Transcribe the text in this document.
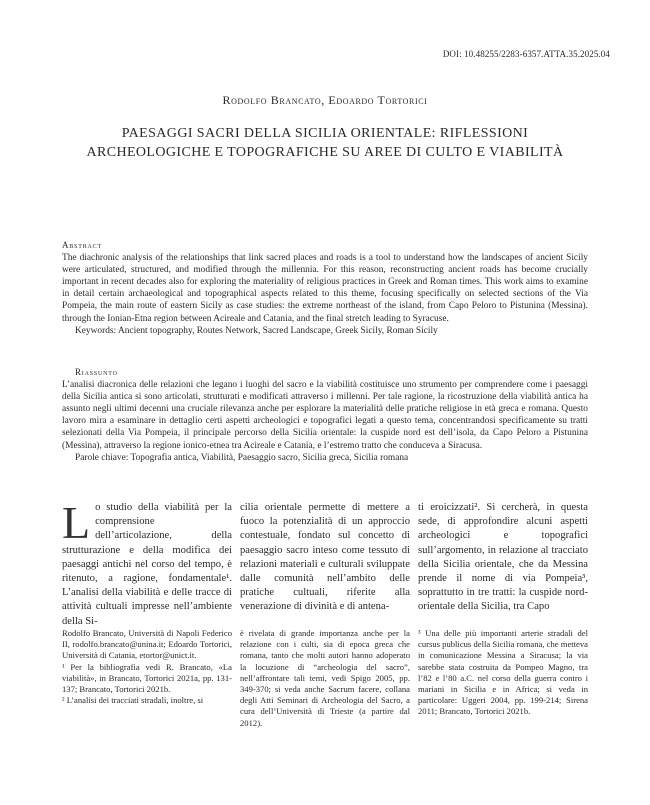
DOI: 10.48255/2283-6357.ATTA.35.2025.04
Rodolfo Brancato, Edoardo Tortorici
PAESAGGI SACRI DELLA SICILIA ORIENTALE: RIFLESSIONI
ARCHEOLOGICHE E TOPOGRAFICHE SU AREE DI CULTO E VIABILITÀ
Abstract

The diachronic analysis of the relationships that link sacred places and roads is a tool to understand how the landscapes of ancient Sicily were articulated, structured, and modified through the millennia. For this reason, reconstructing ancient roads has become crucially important in recent decades also for exploring the materiality of religious practices in Greek and Roman times. This work aims to examine in detail certain archaeological and topographical aspects related to this theme, focusing specifically on selected sections of the Via Pompeia, the main route of eastern Sicily as case studies: the extreme northeast of the island, from Capo Peloro to Pistunina (Messina). through the Ionian-Etna region between Acireale and Catania, and the final stretch leading to Syracuse.

Keywords: Ancient topography, Routes Network, Sacred Landscape, Greek Sicily, Roman Sicily

Riassunto

L’analisi diacronica delle relazioni che legano i luoghi del sacro e la viabilità costituisce uno strumento per comprendere come i paesaggi della Sicilia antica si sono articolati, strutturati e modificati attraverso i millenni. Per tale ragione, la ricostruzione della viabilità antica ha assunto negli ultimi decenni una cruciale rilevanza anche per esplorare la materialità delle pratiche religiose in età greca e romana. Questo lavoro mira a esaminare in dettaglio certi aspetti archeologici e topografici legati a questo tema, concentrandosi specificamente su tratti selezionati della Via Pompeia, il principale percorso della Sicilia orientale: la cuspide nord est dell’isola, da Capo Peloro a Pistunina (Messina), attraverso la regione ionico-etnea tra Acireale e Catania, e l’estremo tratto che conduceva a Siracusa.

Parole chiave: Topografia antica, Viabilità, Paesaggio sacro, Sicilia greca, Sicilia romana

L o studio della viabilità per la comprensione dell’articolazione, della strutturazione e della modifica dei paesaggi antichi nel corso del tempo, è ritenuto, a ragione, fondamentale¹. L’analisi della viabilità e delle tracce di attività cultuali impresse nell’ambiente della Si-
cilia orientale permette di mettere a fuoco la potenzialità di un approccio contestuale, fondato sul concetto di paesaggio sacro inteso come tessuto di relazioni materiali e culturali sviluppate dalle comunità nell’ambito delle pratiche cultuali, riferite alla venerazione di divinità e di antena-
ti eroicizzati². Si cercherà, in questa sede, di approfondire alcuni aspetti archeologici e topografici sull’argomento, in relazione al tracciato della Sicilia orientale, che da Messina prende il nome di via Pompeia³, soprattutto in tre tratti: la cuspide nord-orientale della Sicilia, tra Capo

Rodolfo Brancato, Università di Napoli Federico II, rodolfo.brancato@unina.it; Edoardo Tortorici, Università di Catania, etortor@unict.it.

¹ Per la bibliografia vedi R. Brancato, «La viabilità», in Brancato, Tortorici 2021a, pp. 131-137; Brancato, Tortorici 2021b.

² L’analisi dei tracciati stradali, inoltre, si

è rivelata di grande importanza anche per la relazione con i culti, sia di epoca greca che romana, tanto che molti autori hanno adoperato la locuzione di “archeologia del sacro”, nell’affrontare tali temi, vedi Spigo 2005, pp. 349-370; si veda anche Sacrum facere, collana degli Atti Seminari di Archeologia del Sacro, a cura dell’Università di Trieste (a partire dal 2012).

³ Una delle più importanti arterie stradali del cursus publicus della Sicilia romana, che metteva in comunicazione Messina a Siracusa; la via sarebbe stata costruita da Pompeo Magno, tra l’82 e l’80 a.C. nel corso della guerra contro i mariani in Sicilia e in Africa; si veda in particolare: Uggeri 2004, pp. 199-214; Sirena 2011; Brancato, Tortorici 2021b.
